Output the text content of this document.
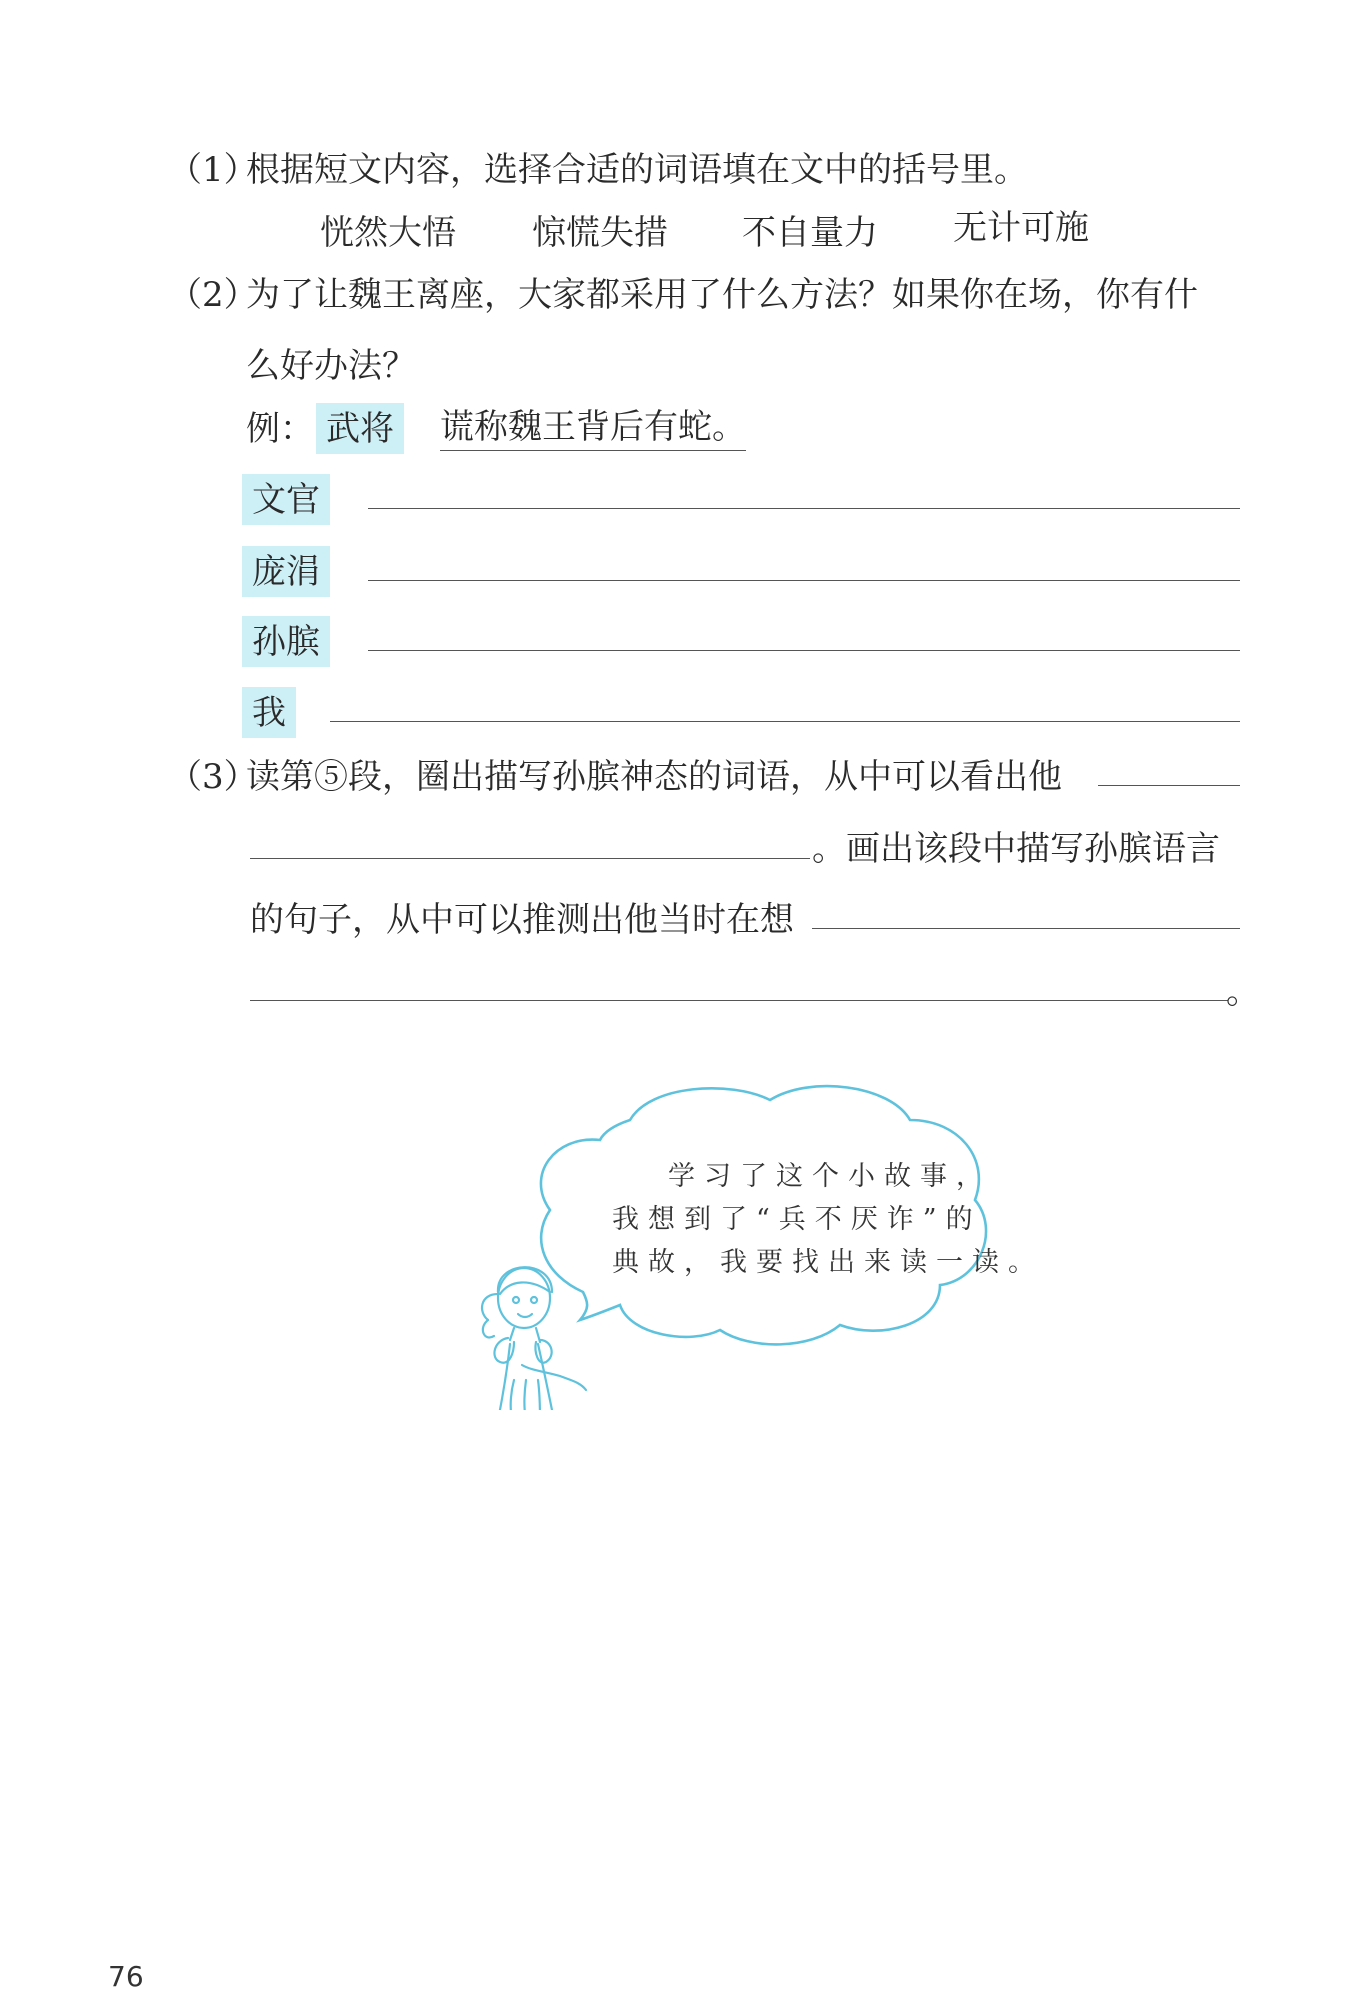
（1）
根据短文内容，选择合适的词语填在文中的括号里。
恍然大悟 惊慌失措 不自量力 无计可施
（2）
为了让魏王离座，大家都采用了什么方法？如果你在场，你有什
么好办法？
例： 武将 谎称魏王背后有蛇。
文官
庞涓
孙膑
我
（3）
读第⑤段，圈出描写孙膑神态的词语，从中可以看出他
。画出该段中描写孙膑语言
的句子，从中可以推测出他当时在想
。
学习了这个小故事，
我想到了“兵不厌诈”的
典故，我要找出来读一读。
76
